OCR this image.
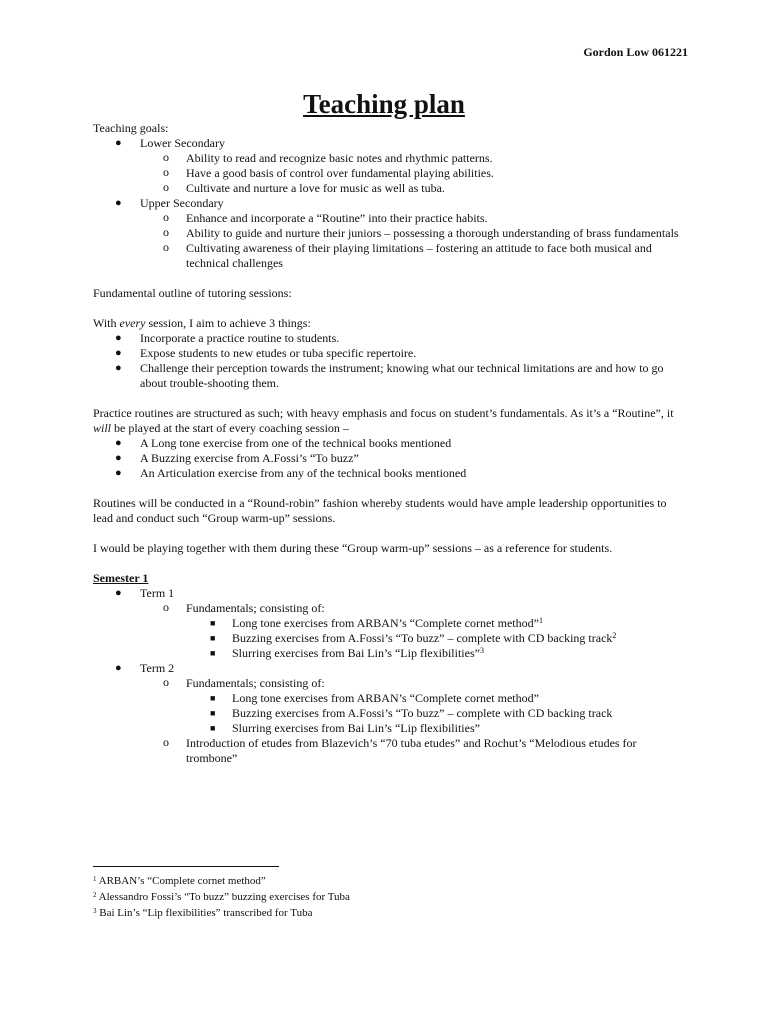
Gordon Low 061221
Teaching plan

Teaching goals:

● Lower Secondary
o Ability to read and recognize basic notes and rhythmic patterns.
o Have a good basis of control over fundamental playing abilities.
o Cultivate and nurture a love for music as well as tuba.
● Upper Secondary
o Enhance and incorporate a “Routine” into their practice habits.
o Ability to guide and nurture their juniors – possessing a thorough understanding of brass fundamentals
o Cultivating awareness of their playing limitations – fostering an attitude to face both musical and technical challenges

Fundamental outline of tutoring sessions:

With every session, I aim to achieve 3 things:

● Incorporate a practice routine to students.
● Expose students to new etudes or tuba specific repertoire.
● Challenge their perception towards the instrument; knowing what our technical limitations are and how to go about trouble-shooting them.

Practice routines are structured as such; with heavy emphasis and focus on student’s fundamentals. As it’s a “Routine”, it will be played at the start of every coaching session –

● A Long tone exercise from one of the technical books mentioned
● A Buzzing exercise from A.Fossi’s “To buzz”
● An Articulation exercise from any of the technical books mentioned

Routines will be conducted in a “Round-robin” fashion whereby students would have ample leadership opportunities to lead and conduct such “Group warm-up” sessions.

I would be playing together with them during these “Group warm-up” sessions – as a reference for students.

Semester 1

● Term 1
o Fundamentals; consisting of:
■ Long tone exercises from ARBAN’s “Complete cornet method”$^1$
■ Buzzing exercises from A.Fossi’s “To buzz” – complete with CD backing track$^2$
■ Slurring exercises from Bai Lin’s “Lip flexibilities”$^3$
● Term 2
o Fundamentals; consisting of:
■ Long tone exercises from ARBAN’s “Complete cornet method”
■ Buzzing exercises from A.Fossi’s “To buzz” – complete with CD backing track
■ Slurring exercises from Bai Lin’s “Lip flexibilities”
o Introduction of etudes from Blazevich’s “70 tuba etudes” and Rochut’s “Melodious etudes for trombone”
$^1$ ARBAN’s “Complete cornet method”
$^2$ Alessandro Fossi’s “To buzz” buzzing exercises for Tuba
$^3$ Bai Lin’s “Lip flexibilities” transcribed for Tuba
